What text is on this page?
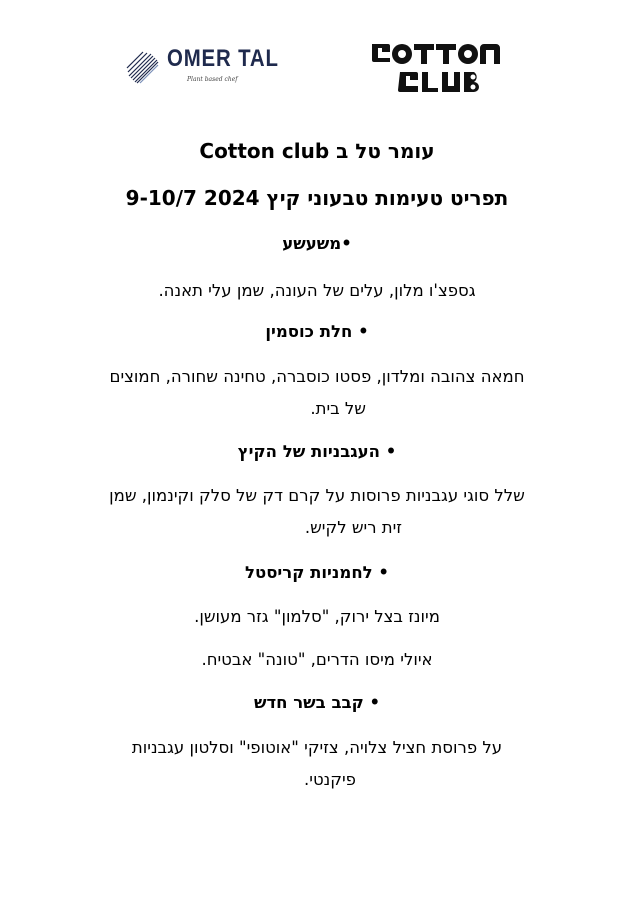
OMER TAL
Plant based chef
עומר טל ב Cotton club
תפריט טעימות טבעוני קיץ 2024 9-10/7
•משעשע
גספצ'ו מלון, עלים של העונה, שמן עלי תאנה.
• חלת כוסמין
חמאה צהובה ומלדון, פסטו כוסברה, טחינה שחורה, חמוצים
של בית.
• העגבניות של הקיץ
שלל סוגי עגבניות פרוסות על קרם דק של סלק וקינמון, שמן
זית ריש לקיש.
• לחמניות קריסטל
מיונז בצל ירוק, "סלמון" גזר מעושן.
איולי מיסו הדרים, "טונה" אבטיח.
• קבב בשר חדש
על פרוסת חציל צלויה, צזיקי "אוטופי" וסלטון עגבניות
פיקנטי.
